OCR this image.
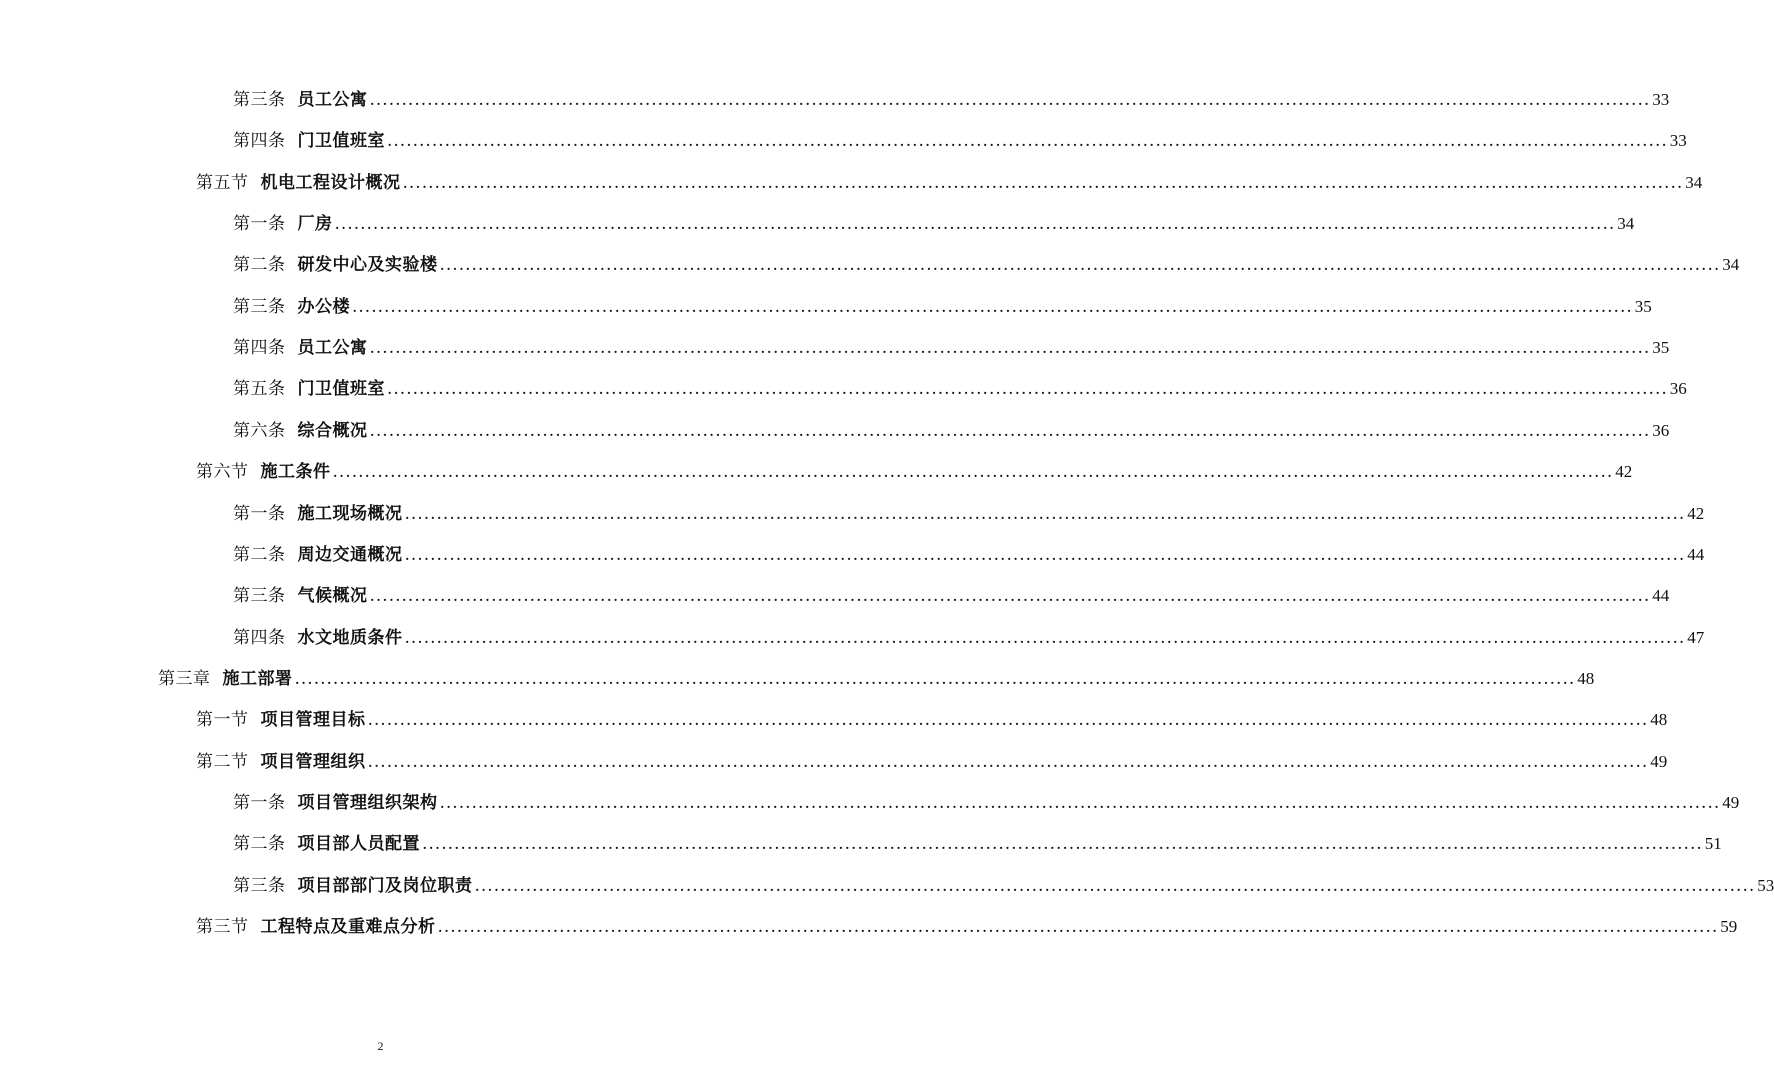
第三条 员工公寓 ........................................................................................................................................................................................................ 33
第四条 门卫值班室 ........................................................................................................................................................................................................ 33
第五节 机电工程设计概况 ........................................................................................................................................................................................................ 34
第一条 厂房 ........................................................................................................................................................................................................ 34
第二条 研发中心及实验楼 ........................................................................................................................................................................................................ 34
第三条 办公楼 ........................................................................................................................................................................................................ 35
第四条 员工公寓 ........................................................................................................................................................................................................ 35
第五条 门卫值班室 ........................................................................................................................................................................................................ 36
第六条 综合概况 ........................................................................................................................................................................................................ 36
第六节 施工条件 ........................................................................................................................................................................................................ 42
第一条 施工现场概况 ........................................................................................................................................................................................................ 42
第二条 周边交通概况 ........................................................................................................................................................................................................ 44
第三条 气候概况 ........................................................................................................................................................................................................ 44
第四条 水文地质条件 ........................................................................................................................................................................................................ 47
第三章 施工部署 ........................................................................................................................................................................................................ 48
第一节 项目管理目标 ........................................................................................................................................................................................................ 48
第二节 项目管理组织 ........................................................................................................................................................................................................ 49
第一条 项目管理组织架构 ........................................................................................................................................................................................................ 49
第二条 项目部人员配置 ........................................................................................................................................................................................................ 51
第三条 项目部部门及岗位职责 ........................................................................................................................................................................................................ 53
第三节 工程特点及重难点分析 ........................................................................................................................................................................................................ 59
2
